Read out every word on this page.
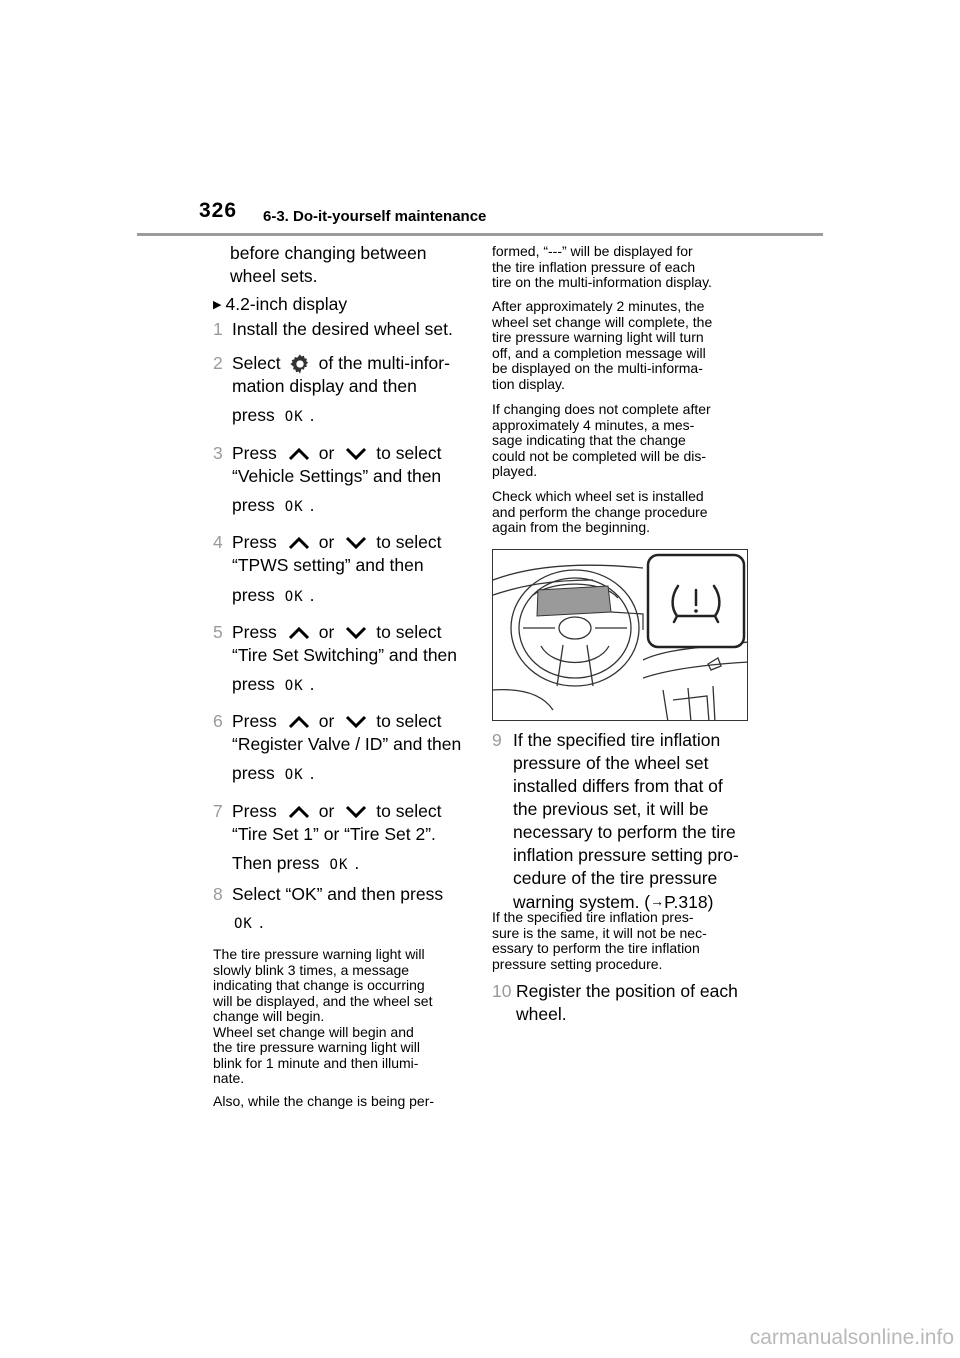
326 6-3. Do-it-yourself maintenance
before changing between
wheel sets.
▶ 4.2-inch display
1 Install the desired wheel set.
2 Select of the multi-infor-
mation display and then
press OK .
3 Press or to select
“Vehicle Settings” and then
press OK .
4 Press or to select
“TPWS setting” and then
press OK .
5 Press or to select
“Tire Set Switching” and then
press OK .
6 Press or to select
“Register Valve / ID” and then
press OK .
7 Press or to select
“Tire Set 1” or “Tire Set 2”.
Then press OK .
8 Select “OK” and then press
OK .
The tire pressure warning light will
slowly blink 3 times, a message
indicating that change is occurring
will be displayed, and the wheel set
change will begin.
Wheel set change will begin and
the tire pressure warning light will
blink for 1 minute and then illumi-
nate.
Also, while the change is being per-
formed, “---” will be displayed for
the tire inflation pressure of each
tire on the multi-information display.
After approximately 2 minutes, the
wheel set change will complete, the
tire pressure warning light will turn
off, and a completion message will
be displayed on the multi-informa-
tion display.
If changing does not complete after
approximately 4 minutes, a mes-
sage indicating that the change
could not be completed will be dis-
played.
Check which wheel set is installed
and perform the change procedure
again from the beginning.
9 If the specified tire inflation
pressure of the wheel set
installed differs from that of
the previous set, it will be
necessary to perform the tire
inflation pressure setting pro-
cedure of the tire pressure
warning system. (→P.318)
If the specified tire inflation pres-
sure is the same, it will not be nec-
essary to perform the tire inflation
pressure setting procedure.
10 Register the position of each
wheel.
carmanualsonline.info
